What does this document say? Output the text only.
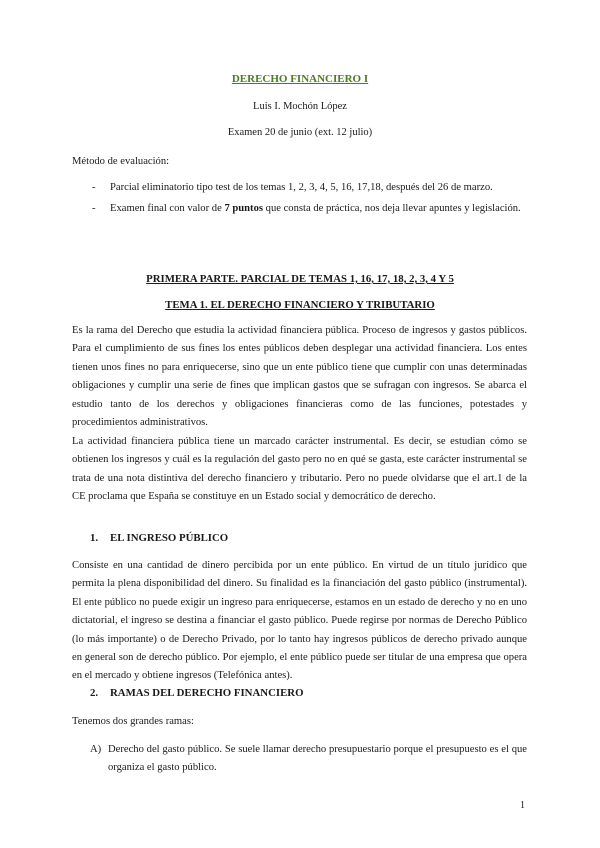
DERECHO FINANCIERO I
Luis I. Mochón López
Examen 20 de junio (ext. 12 julio)
Método de evaluación:

-	Parcial eliminatorio tipo test de los temas 1, 2, 3, 4, 5, 16, 17,18, después del 26 de marzo.

-	Examen final con valor de 7 puntos que consta de práctica, nos deja llevar apuntes y legislación.

PRIMERA PARTE. PARCIAL DE TEMAS 1, 16, 17, 18, 2, 3, 4 Y 5
TEMA 1. EL DERECHO FINANCIERO Y TRIBUTARIO
Es la rama del Derecho que estudia la actividad financiera pública. Proceso de ingresos y gastos públicos. Para el cumplimiento de sus fines los entes públicos deben desplegar una actividad financiera. Los entes tienen unos fines no para enriquecerse, sino que un ente público tiene que cumplir con unas determinadas obligaciones y cumplir una serie de fines que implican gastos que se sufragan con ingresos. Se abarca el estudio tanto de los derechos y obligaciones financieras como de las funciones, potestades y procedimientos administrativos.
La actividad financiera pública tiene un marcado carácter instrumental. Es decir, se estudian cómo se obtienen los ingresos y cuál es la regulación del gasto pero no en qué se gasta, este carácter instrumental se trata de una nota distintiva del derecho financiero y tributario. Pero no puede olvidarse que el art.1 de la CE proclama que España se constituye en un Estado social y democrático de derecho.
1. EL INGRESO PÚBLICO
Consiste en una cantidad de dinero percibida por un ente público. En virtud de un título jurídico que permita la plena disponibilidad del dinero. Su finalidad es la financiación del gasto público (instrumental). El ente público no puede exigir un ingreso para enriquecerse, estamos en un estado de derecho y no en uno dictatorial, el ingreso se destina a financiar el gasto público. Puede regirse por normas de Derecho Público (lo más importante) o de Derecho Privado, por lo tanto hay ingresos públicos de derecho privado aunque en general son de derecho público. Por ejemplo, el ente público puede ser titular de una empresa que opera en el mercado y obtiene ingresos (Telefónica antes).
2. RAMAS DEL DERECHO FINANCIERO
Tenemos dos grandes ramas:
A) Derecho del gasto público. Se suele llamar derecho presupuestario porque el presupuesto es el que organiza el gasto público.
1
